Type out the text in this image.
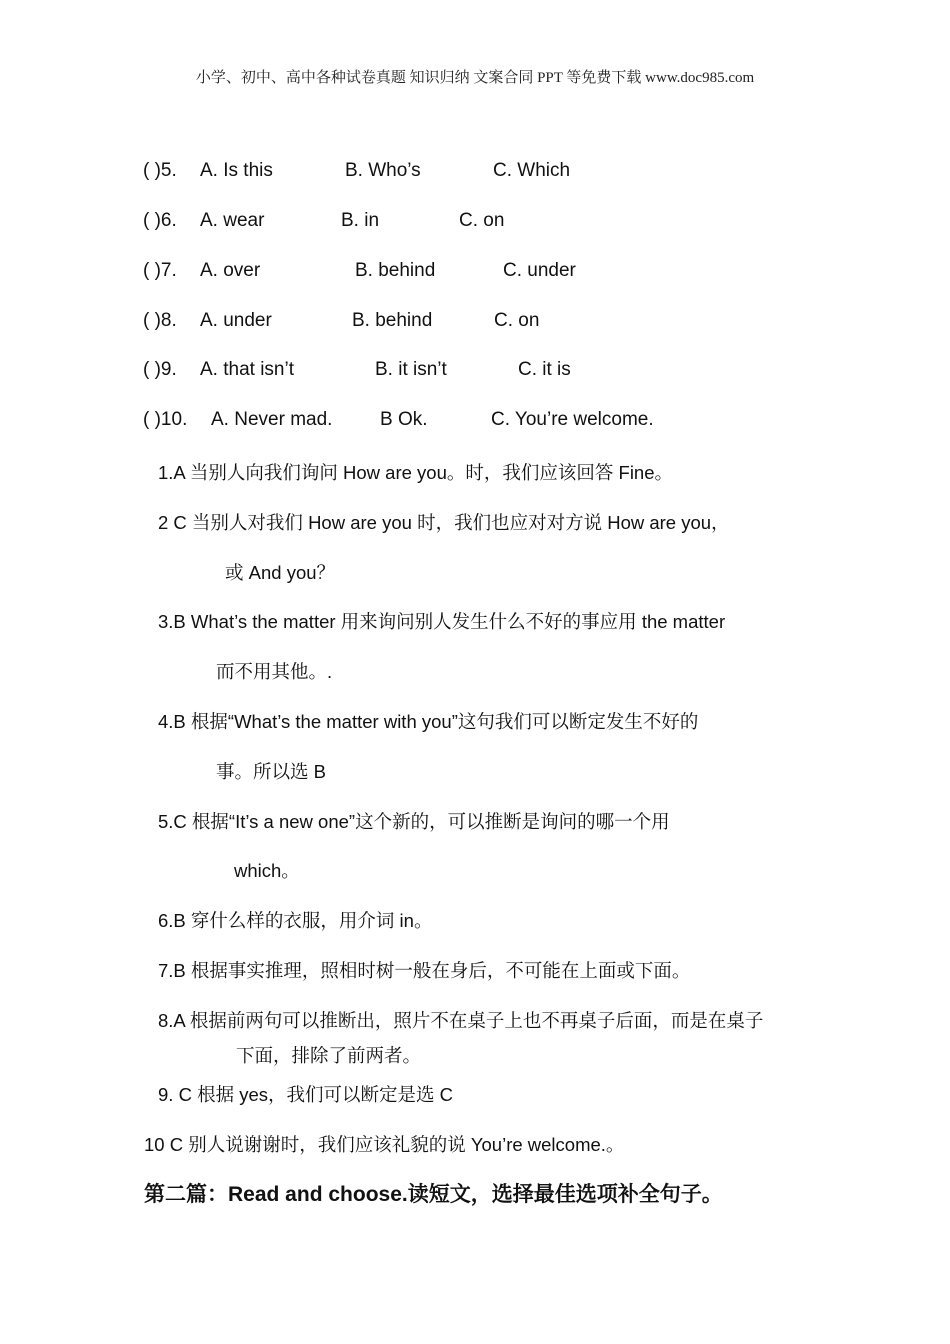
小学、初中、高中各种试卷真题 知识归纳 文案合同 PPT 等免费下载 www.doc985.com
( )5. A. Is this	B. Who’s	C. Which
( )6. A. wear	B. in	C. on
( )7. A. over	B. behind	C. under
( )8. A. under	B. behind	C. on
( )9. A. that isn’t	B. it isn’t	C. it is
( )10. A. Never mad.	B Ok.	C. You’re welcome.
1.A 当别人向我们询问 How are you。时，我们应该回答 Fine。
2 C 当别人对我们 How are you 时，我们也应对对方说 How are you，
或 And you？
3.B What’s the matter 用来询问别人发生什么不好的事应用 the matter
而不用其他。.
4.B 根据“What’s the matter with you”这句我们可以断定发生不好的
事。所以选 B
5.C 根据“It’s a new one”这个新的，可以推断是询问的哪一个用
which。
6.B 穿什么样的衣服，用介词 in。
7.B 根据事实推理，照相时树一般在身后，不可能在上面或下面。
8.A 根据前两句可以推断出，照片不在桌子上也不再桌子后面，而是在桌子
下面，排除了前两者。
9. C 根据 yes，我们可以断定是选 C
10 C 别人说谢谢时，我们应该礼貌的说 You’re welcome.。
第二篇：Read and choose.读短文，选择最佳选项补全句子。
